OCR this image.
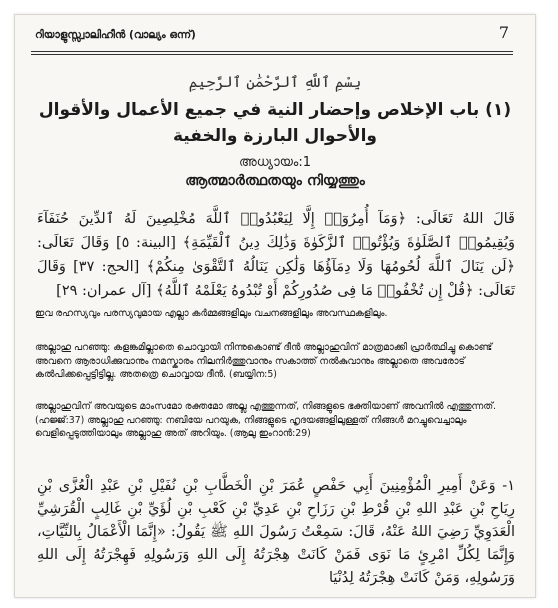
റിയാളുസ്സ്വാലിഹീൻ (വാല്യം ഒന്ന്)	7
بِسْمِ ٱللَّهِ ٱلرَّحْمَٰنِ ٱلرَّحِيمِ
(١) باب الإخلاص وإحضار النية في جميع الأعمال والأقوال والأحوال البارزة والخفية
അധ്യായം:1
ആത്മാർത്ഥതയും നിയ്യത്തും
قَالَ اللهُ تَعَالَى: ﴿وَمَآ أُمِرُوٓا۟ إِلَّا لِيَعْبُدُوا۟ ٱللَّهَ مُخْلِصِينَ لَهُ ٱلدِّينَ حُنَفَآءَ وَيُقِيمُوا۟ ٱلصَّلَوٰةَ وَيُؤْتُوا۟ ٱلزَّكَوٰةَ وَذَٰلِكَ دِينُ ٱلْقَيِّمَةِ﴾ [البينة: ٥] وَقَالَ تَعَالَى: ﴿لَن يَنَالَ ٱللَّهَ لُحُومُهَا وَلَا دِمَآؤُهَا وَلَٰكِن يَنَالُهُ ٱلتَّقْوَىٰ مِنكُمْ﴾ [الحج: ٣٧] وَقَالَ تَعَالَى: ﴿قُلْ إِن تُخْفُوا۟ مَا فِى صُدُورِكُمْ أَوْ تُبْدُوهُ يَعْلَمْهُ ٱللَّهُ﴾ [آل عمران: ٢٩]
ഇവ രഹസ്യവും പരസ്യവുമായ എല്ലാ കർമ്മങ്ങളിലും വചനങ്ങളിലും അവസ്ഥകളിലും.
അല്ലാഹു പറഞ്ഞു: കളങ്കമില്ലാതെ ചൊവ്വായി നിന്നുകൊണ്ട് ദീൻ അല്ലാഹുവിന് മാത്രമാക്കി പ്രാർത്ഥിച്ചു കൊണ്ട് അവനെ ആരാധിക്കുവാനും നമസ്കാരം നിലനിർത്തുവാനും സകാത്ത് നൽകുവാനും അല്ലാതെ അവരോട് കൽപിക്കപ്പെട്ടിട്ടില്ല. അതത്രെ ചൊവ്വായ ദീൻ. (ബയ്യിന:5)
അല്ലാഹുവിന് അവയുടെ മാംസമോ രക്തമോ അല്ല എത്തുന്നത്, നിങ്ങളുടെ ഭക്തിയാണ് അവനിൽ എത്തുന്നത്. (ഹജ്ജ്:37) അല്ലാഹു പറഞ്ഞു: നബിയേ പറയുക, നിങ്ങളുടെ ഹൃദയങ്ങളിലുള്ളത് നിങ്ങൾ മറച്ചുവെച്ചാലും വെളിപ്പെടുത്തിയാലും അല്ലാഹു അത് അറിയും. (ആലു ഇംറാൻ:29)
١- وَعَنْ أَمِيرِ الْمُؤْمِنِينَ أَبِي حَفْصٍ عُمَرَ بْنِ الْخَطَّابِ بْنِ نُفَيْلِ بْنِ عَبْدِ الْعُزَّى بْنِ رِيَاحِ بْنِ عَبْدِ اللهِ بْنِ قُرْطِ بْنِ رَزَاحِ بْنِ عَدِيِّ بْنِ كَعْبِ بْنِ لُؤَيِّ بْنِ غَالِبٍ الْقُرَشِيِّ الْعَدَوِيِّ رَضِيَ اللهُ عَنْهُ، قَالَ: سَمِعْتُ رَسُولَ اللهِ ﷺ يَقُولُ: «إِنَّمَا الْأَعْمَالُ بِالنِّيَّاتِ، وَإِنَّمَا لِكُلِّ امْرِئٍ مَا نَوَى فَمَنْ كَانَتْ هِجْرَتُهُ إِلَى اللهِ وَرَسُولِهِ فَهِجْرَتُهُ إِلَى اللهِ وَرَسُولِهِ، وَمَنْ كَانَتْ هِجْرَتُهُ لِدُنْيَا
